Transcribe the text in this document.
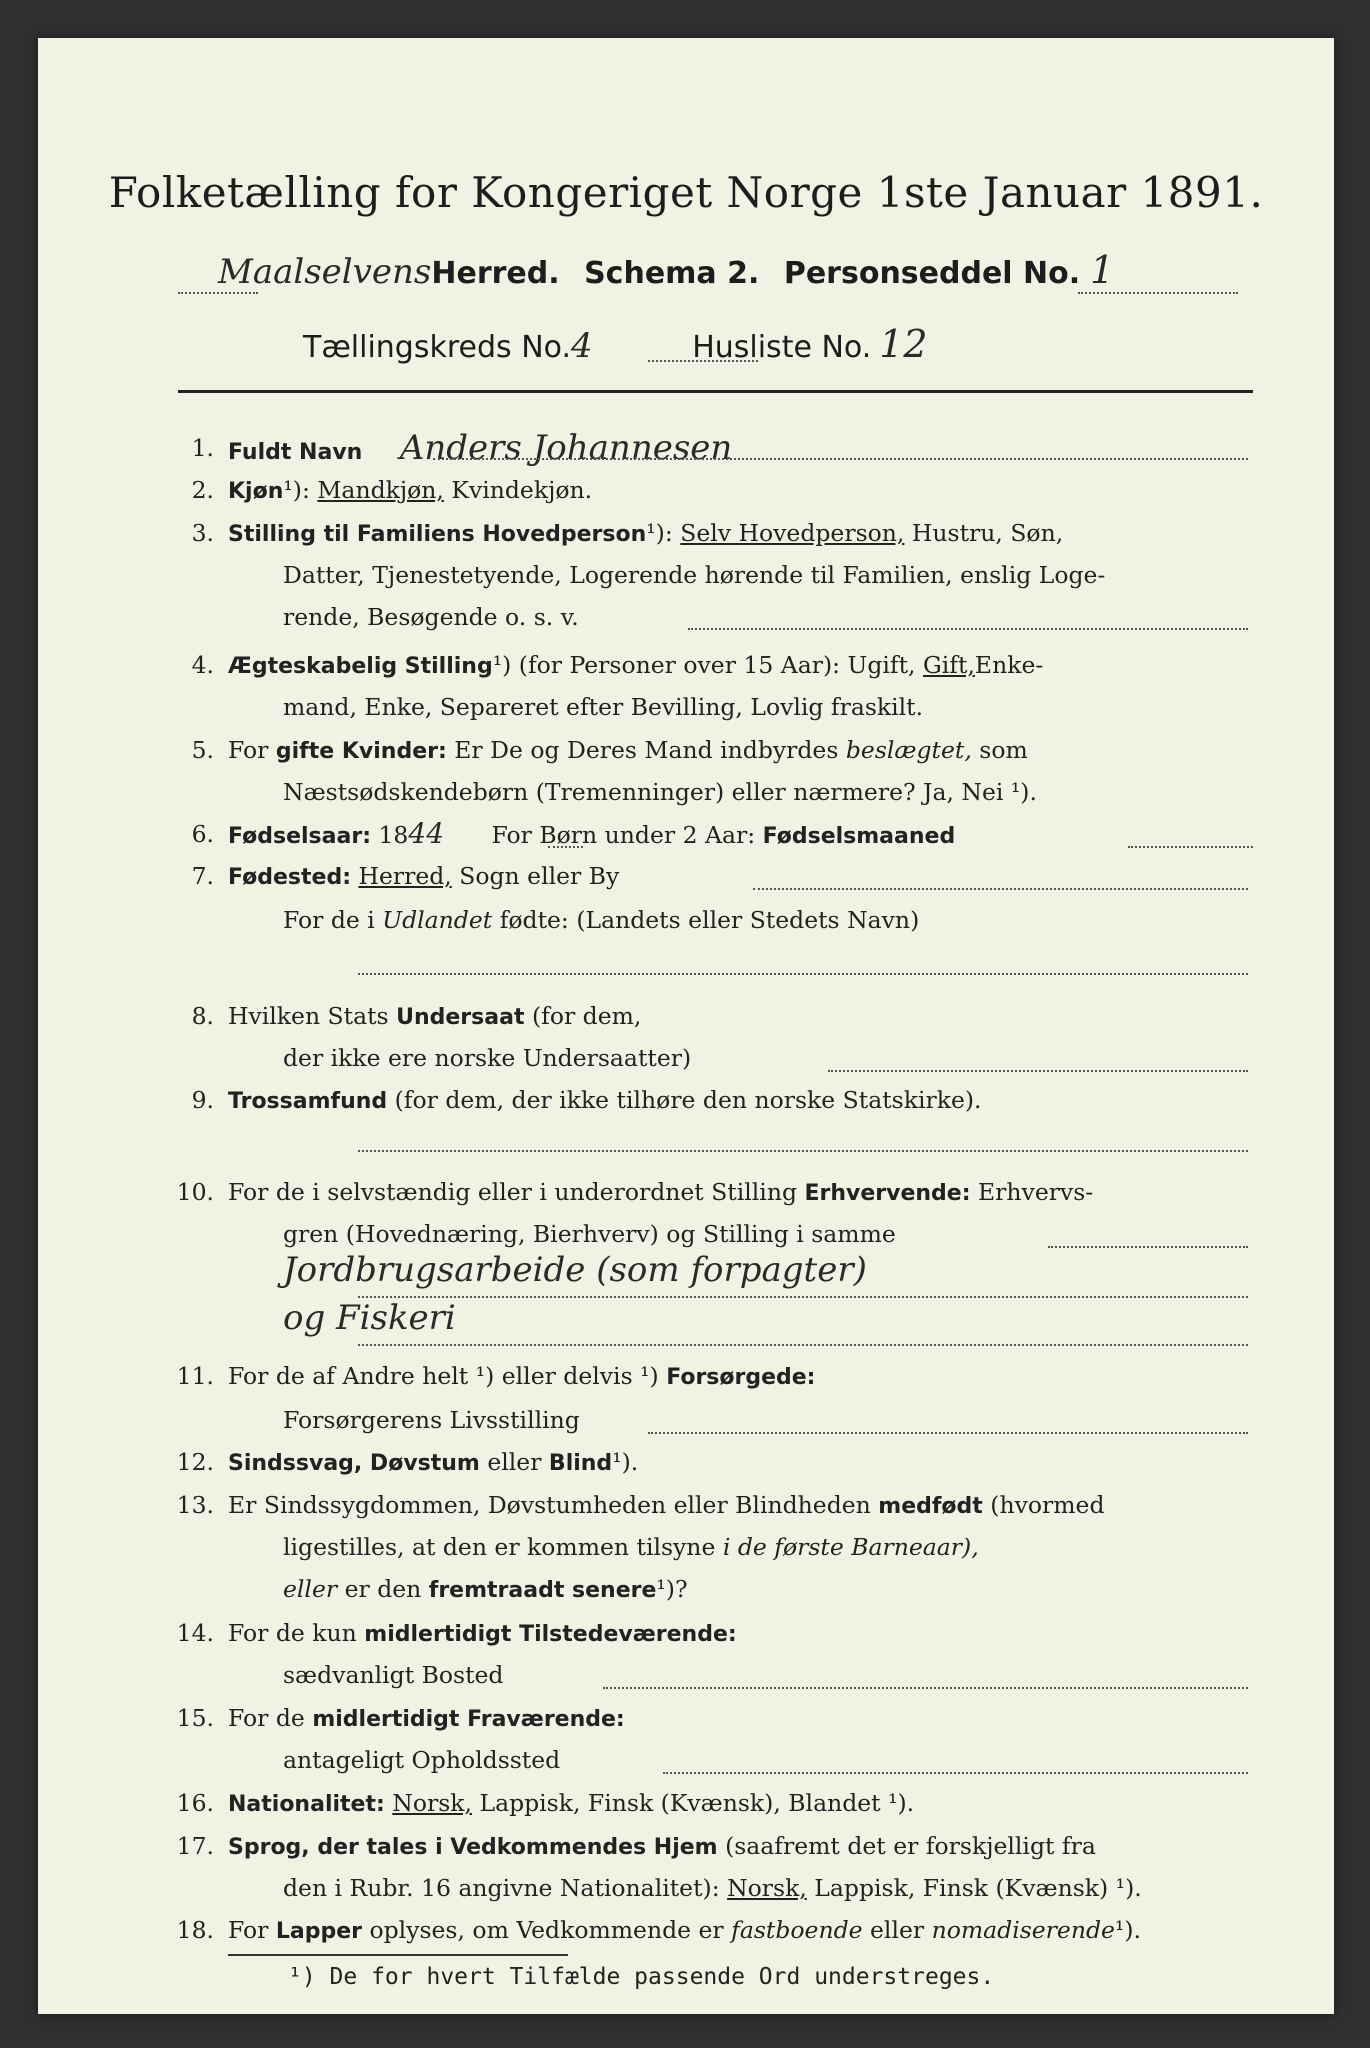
Folketælling for Kongeriget Norge 1ste Januar 1891.
MaalselvensHerred. Schema 2. Personseddel No. 1
Tællingskreds No.4	Husliste No. 12
1. Fuldt Navn Anders Johannesen
2. Kjøn¹): Mandkjøn, Kvindekjøn.
3. Stilling til Familiens Hovedperson¹): Selv Hovedperson, Hustru, Søn,
Datter, Tjenestetyende, Logerende hørende til Familien, enslig Loge-
rende, Besøgende o. s. v.
4. Ægteskabelig Stilling¹) (for Personer over 15 Aar): Ugift, Gift,Enke-
mand, Enke, Separeret efter Bevilling, Lovlig fraskilt.
5. For gifte Kvinder: Er De og Deres Mand indbyrdes beslægtet, som
Næstsødskendebørn (Tremenninger) eller nærmere? Ja, Nei ¹).
6. Fødselsaar: 1844 For Børn under 2 Aar: Fødselsmaaned
7. Fødested: Herred, Sogn eller By
For de i Udlandet fødte: (Landets eller Stedets Navn)
8. Hvilken Stats Undersaat (for dem,
der ikke ere norske Undersaatter)
9. Trossamfund (for dem, der ikke tilhøre den norske Statskirke).
10. For de i selvstændig eller i underordnet Stilling Erhvervende: Erhvervs-
gren (Hovednæring, Bierhverv) og Stilling i samme
Jordbrugsarbeide (som forpagter)
og Fiskeri
11. For de af Andre helt ¹) eller delvis ¹) Forsørgede:
Forsørgerens Livsstilling
12. Sindssvag, Døvstum eller Blind¹).
13. Er Sindssygdommen, Døvstumheden eller Blindheden medfødt (hvormed
ligestilles, at den er kommen tilsyne i de første Barneaar),
eller er den fremtraadt senere¹)?
14. For de kun midlertidigt Tilstedeværende:
sædvanligt Bosted
15. For de midlertidigt Fraværende:
antageligt Opholdssted
16. Nationalitet: Norsk, Lappisk, Finsk (Kvænsk), Blandet ¹).
17. Sprog, der tales i Vedkommendes Hjem (saafremt det er forskjelligt fra
den i Rubr. 16 angivne Nationalitet): Norsk, Lappisk, Finsk (Kvænsk) ¹).
¹) De for hvert Tilfælde passende Ord understreges.
18. For Lapper oplyses, om Vedkommende er fastboende eller nomadiserende¹).
